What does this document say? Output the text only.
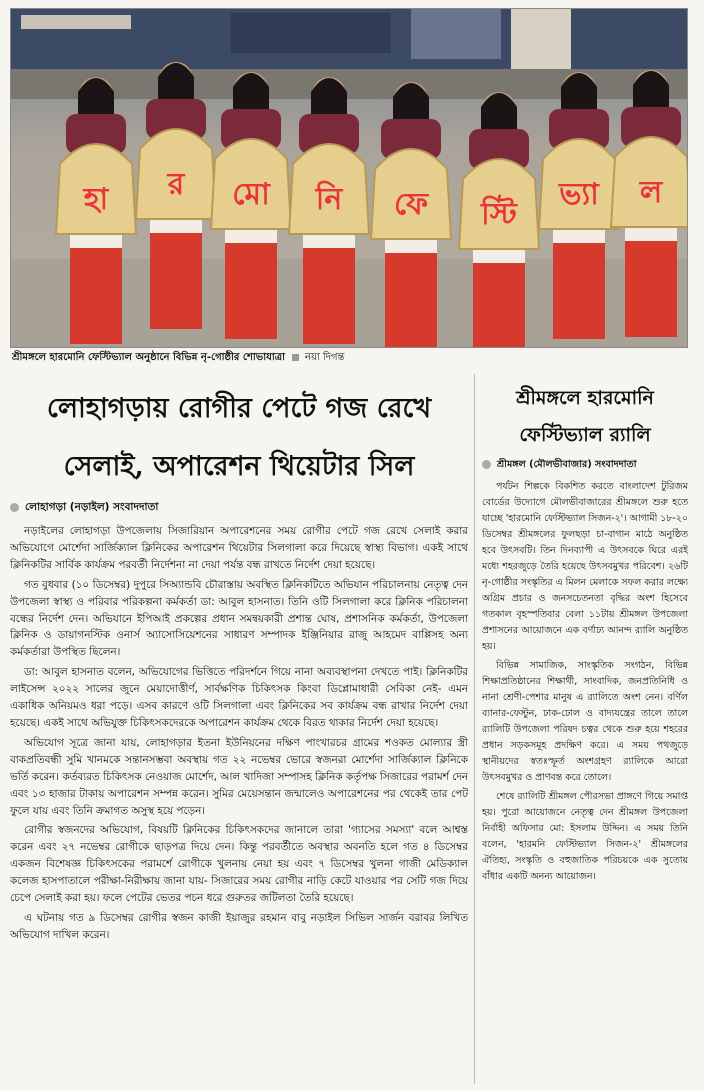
হা র মো নি ফে স্টি
ভ্যা ল
শ্রীমঙ্গলে হারমোনি ফেস্টিভ্যাল অনুষ্ঠানে বিভিন্ন নৃ-গোষ্ঠীর শোভাযাত্রা নয়া দিগন্ত
লোহাগড়ায় রোগীর পেটে গজ রেখে
সেলাই, অপারেশন থিয়েটার সিল
লোহাগড়া (নড়াইল) সংবাদদাতা

নড়াইলের লোহাগড়া উপজেলায় সিজারিয়ান অপারেশনের সময় রোগীর পেটে গজ রেখে সেলাই করার অভিযোগে মোর্শেদা সার্জিক্যাল ক্লিনিকের অপারেশন থিয়েটার সিলগালা করে দিয়েছে স্বাস্থ্য বিভাগ। একই সাথে ক্লিনিকটির সার্বিক কার্যক্রম পরবর্তী নির্দেশনা না দেয়া পর্যন্ত বন্ধ রাখতে নির্দেশ দেয়া হয়েছে।

গত বুধবার (১০ ডিসেম্বর) দুপুরে সিঅ্যান্ডবি চৌরাস্তায় অবস্থিত ক্লিনিকটিতে অভিযান পরিচালনায় নেতৃত্ব দেন উপজেলা স্বাস্থ্য ও পরিবার পরিকল্পনা কর্মকর্তা ডা: আবুল হাসনাত। তিনি ওটি সিলগালা করে ক্লিনিক পরিচালনা বন্ধের নির্দেশ দেন। অভিযানে ইপিআই প্রকল্পের প্রধান সমন্বয়কারী প্রশান্ত ঘোষ, প্রশাসনিক কর্মকর্তা, উপজেলা ক্লিনিক ও ডায়াগনস্টিক ওনার্স অ্যাসোসিয়েশনের সাধারণ সম্পাদক ইঞ্জিনিয়ার রাজু আহমেদ বাপ্পিসহ অন্য কর্মকর্তারা উপস্থিত ছিলেন।

ডা: আবুল হাসনাত বলেন, অভিযোগের ভিত্তিতে পরিদর্শনে গিয়ে নানা অব্যবস্থাপনা দেখতে পাই। ক্লিনিকটির লাইসেন্স ২০২২ সালের জুনে মেয়াদোত্তীর্ণ, সার্বক্ষণিক চিকিৎসক কিংবা ডিপ্লোমাধারী সেবিকা নেই- এমন একাধিক অনিয়মও ধরা পড়ে। এসব কারণে ওটি সিলগালা এবং ক্লিনিকের সব কার্যক্রম বন্ধ রাখার নির্দেশ দেয়া হয়েছে। একই সাথে অভিযুক্ত চিকিৎসকদেরকে অপারেশন কার্যক্রম থেকে বিরত থাকার নির্দেশ দেয়া হয়েছে।

অভিযোগ সূত্রে জানা যায়, লোহাগড়ার ইতনা ইউনিয়নের দক্ষিণ পাংখারচর গ্রামের শওকত মোল্যার স্ত্রী বাকপ্রতিবন্ধী সুমি খানমকে সন্তানসম্ভবা অবস্থায় গত ২২ নভেম্বর ভোরে স্বজনরা মোর্শেদা সার্জিক্যাল ক্লিনিকে ভর্তি করেন। কর্তব্যরত চিকিৎসক নেওয়াজ মোর্শেদ, আল খাদিজা সম্পাসহ ক্লিনিক কর্তৃপক্ষ সিজারের পরামর্শ দেন এবং ১৩ হাজার টাকায় অপারেশন সম্পন্ন করেন। সুমির মেয়েসন্তান জন্মালেও অপারেশনের পর থেকেই তার পেট ফুলে যায় এবং তিনি ক্রমাগত অসুস্থ হয়ে পড়েন।

রোগীর স্বজনদের অভিযোগ, বিষয়টি ক্লিনিকের চিকিৎসকদের জানালে তারা 'গ্যাসের সমস্যা' বলে আশ্বস্ত করেন এবং ২৭ নভেম্বর রোগীকে ছাড়পত্র দিয়ে দেন। কিন্তু পরবর্তীতে অবস্থার অবনতি হলে গত ৪ ডিসেম্বর একজন বিশেষজ্ঞ চিকিৎসকের পরামর্শে রোগীকে খুলনায় নেয়া হয় এবং ৭ ডিসেম্বর খুলনা গাজী মেডিক্যাল কলেজ হাসপাতালে পরীক্ষা-নিরীক্ষায় জানা যায়- সিজারের সময় রোগীর নাড়ি কেটে যাওয়ার পর সেটি গজ দিয়ে চেপে সেলাই করা হয়। ফলে পেটের ভেতর পচন ধরে গুরুতর জটিলতা তৈরি হয়েছে।

এ ঘটনায় গত ৯ ডিসেম্বর রোগীর স্বজন কাজী ইয়াজুর রহমান বাবু নড়াইল সিভিল সার্জন বরাবর লিখিত অভিযোগ দাখিল করেন।

শ্রীমঙ্গলে হারমোনি
ফেস্টিভ্যাল র‍্যালি
শ্রীমঙ্গল (মৌলভীবাজার) সংবাদদাতা

পর্যটন শিল্পকে বিকশিত করতে বাংলাদেশ টুরিজম বোর্ডের উদ্যোগে মৌলভীবাজারের শ্রীমঙ্গলে শুরু হতে যাচ্ছে 'হারমোনি ফেস্টিভ্যাল সিজন-২'। আগামী ১৮-২০ ডিসেম্বর শ্রীমঙ্গলের ফুলছড়া চা-বাগান মাঠে অনুষ্ঠিত হবে উৎসবটি। তিন দিনব্যাপী এ উৎসবকে ঘিরে এরই মধ্যে শহরজুড়ে তৈরি হয়েছে উৎসবমুখর পরিবেশ। ২৬টি নৃ-গোষ্ঠীর সংস্কৃতির এ মিলন মেলাকে সফল করার লক্ষ্যে অগ্রিম প্রচার ও জনসচেতনতা বৃদ্ধির অংশ হিসেবে গতকাল বৃহস্পতিবার বেলা ১১টায় শ্রীমঙ্গল উপজেলা প্রশাসনের আয়োজনে এক বর্ণাঢ্য আনন্দ র‍্যালি অনুষ্ঠিত হয়।

বিভিন্ন সামাজিক, সাংস্কৃতিক সংগঠন, বিভিন্ন শিক্ষাপ্রতিষ্ঠানের শিক্ষার্থী, সাংবাদিক, জনপ্রতিনিধি ও নানা শ্রেণী-পেশার মানুষ এ র‍্যালিতে অংশ নেন। বর্ণিল ব্যানার-ফেস্টুন, ঢাক-ঢোল ও বাদ্যযন্ত্রের তালে তালে র‍্যালিটি উপজেলা পরিষদ চত্বর থেকে শুরু হয়ে শহরের প্রধান সড়কসমূহ প্রদক্ষিণ করে। এ সময় পথজুড়ে স্থানীয়দের স্বতঃস্ফূর্ত অংশগ্রহণ র‍্যালিকে আরো উৎসবমুখর ও প্রাণবন্ত করে তোলে।

শেষে র‍্যালিটি শ্রীমঙ্গল পৌরসভা প্রাঙ্গণে গিয়ে সমাপ্ত হয়। পুরো আয়োজনে নেতৃত্ব দেন শ্রীমঙ্গল উপজেলা নির্বাহী অফিসার মো: ইসলাম উদ্দিন। এ সময় তিনি বলেন, 'হারমনি ফেস্টিভ্যাল সিজন-২' শ্রীমঙ্গলের ঐতিহ্য, সংস্কৃতি ও বহুজাতিক পরিচয়কে এক সুতোয় বাঁধার একটি অনন্য আয়োজন।
